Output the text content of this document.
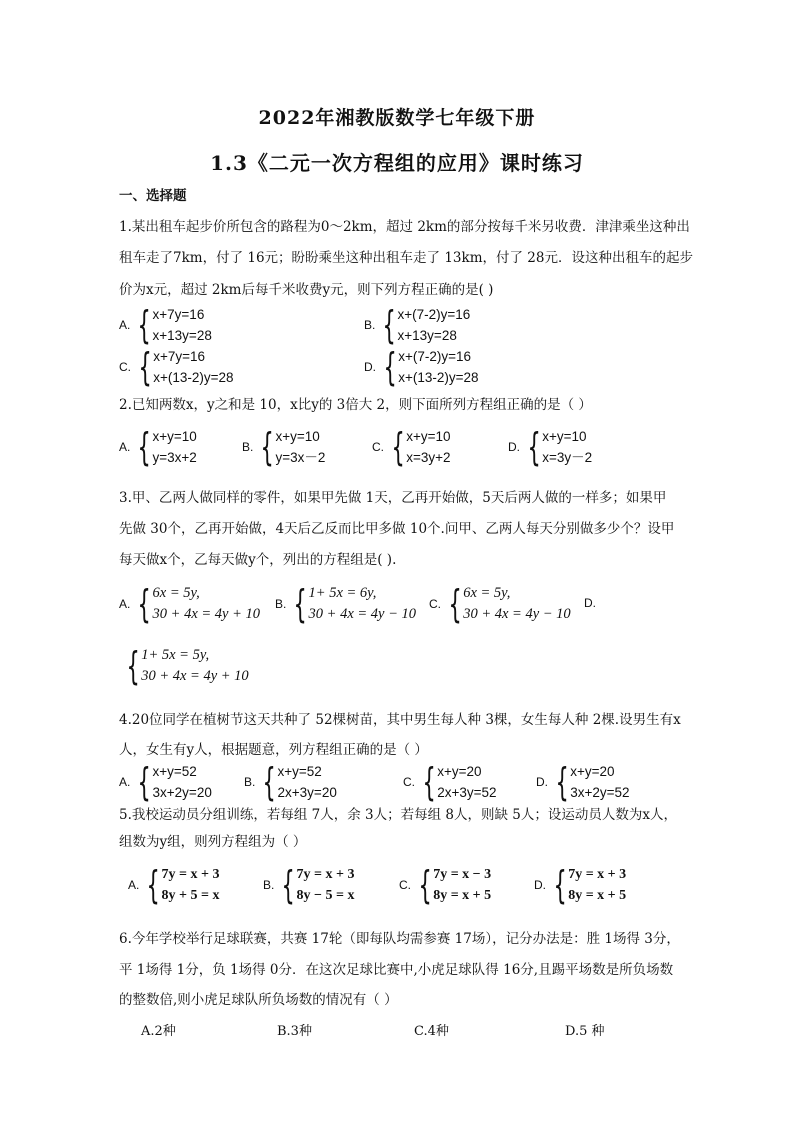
2022年湘教版数学七年级下册
1.3《二元一次方程组的应用》课时练习
一、选择题
1.某出租车起步价所包含的路程为0～2km，超过 2km的部分按每千米另收费．津津乘坐这种出
租车走了7km，付了 16元；盼盼乘坐这种出租车走了 13km，付了 28元．设这种出租车的起步
价为x元，超过 2km后每千米收费y元，则下列方程正确的是( )
A. { x+7y=16
x+13y=28
B. { x+(7-2)y=16
x+13y=28
C. { x+7y=16
x+(13-2)y=28
D. { x+(7-2)y=16
x+(13-2)y=28
2.已知两数x，y之和是 10，x比y的 3倍大 2，则下面所列方程组正确的是（ ）
A. { x+y=10
y=3x+2
B. { x+y=10
y=3x－2
C. { x+y=10
x=3y+2
D. { x+y=10
x=3y－2
3.甲、乙两人做同样的零件，如果甲先做 1天，乙再开始做，5天后两人做的一样多；如果甲
先做 30个，乙再开始做，4天后乙反而比甲多做 10个.问甲、乙两人每天分别做多少个？设甲
每天做x个，乙每天做y个，列出的方程组是( ).
A. { 6x = 5y,
30 + 4x = 4y + 10
B. { 1+ 5x = 6y,
30 + 4x = 4y − 10
C. { 6x = 5y,
30 + 4x = 4y − 10
D.
{ 1+ 5x = 5y,
30 + 4x = 4y + 10
4.20位同学在植树节这天共种了 52棵树苗，其中男生每人种 3棵，女生每人种 2棵.设男生有x
人，女生有y人，根据题意，列方程组正确的是（ ）
A. { x+y=52
3x+2y=20
B. { x+y=52
2x+3y=20
C. { x+y=20
2x+3y=52
D. { x+y=20
3x+2y=52
5.我校运动员分组训练，若每组 7人，余 3人；若每组 8人，则缺 5人；设运动员人数为x人，
组数为y组，则列方程组为（ ）
A. { 7y = x + 3
8y + 5 = x
B. { 7y = x + 3
8y − 5 = x
C. { 7y = x − 3
8y = x + 5
D. { 7y = x + 3
8y = x + 5
6.今年学校举行足球联赛，共赛 17轮（即每队均需参赛 17场），记分办法是：胜 1场得 3分，
平 1场得 1分，负 1场得 0分．在这次足球比赛中,小虎足球队得 16分,且踢平场数是所负场数
的整数倍,则小虎足球队所负场数的情况有（ ）
A.2种	B.3种	C.4种	D.5 种
